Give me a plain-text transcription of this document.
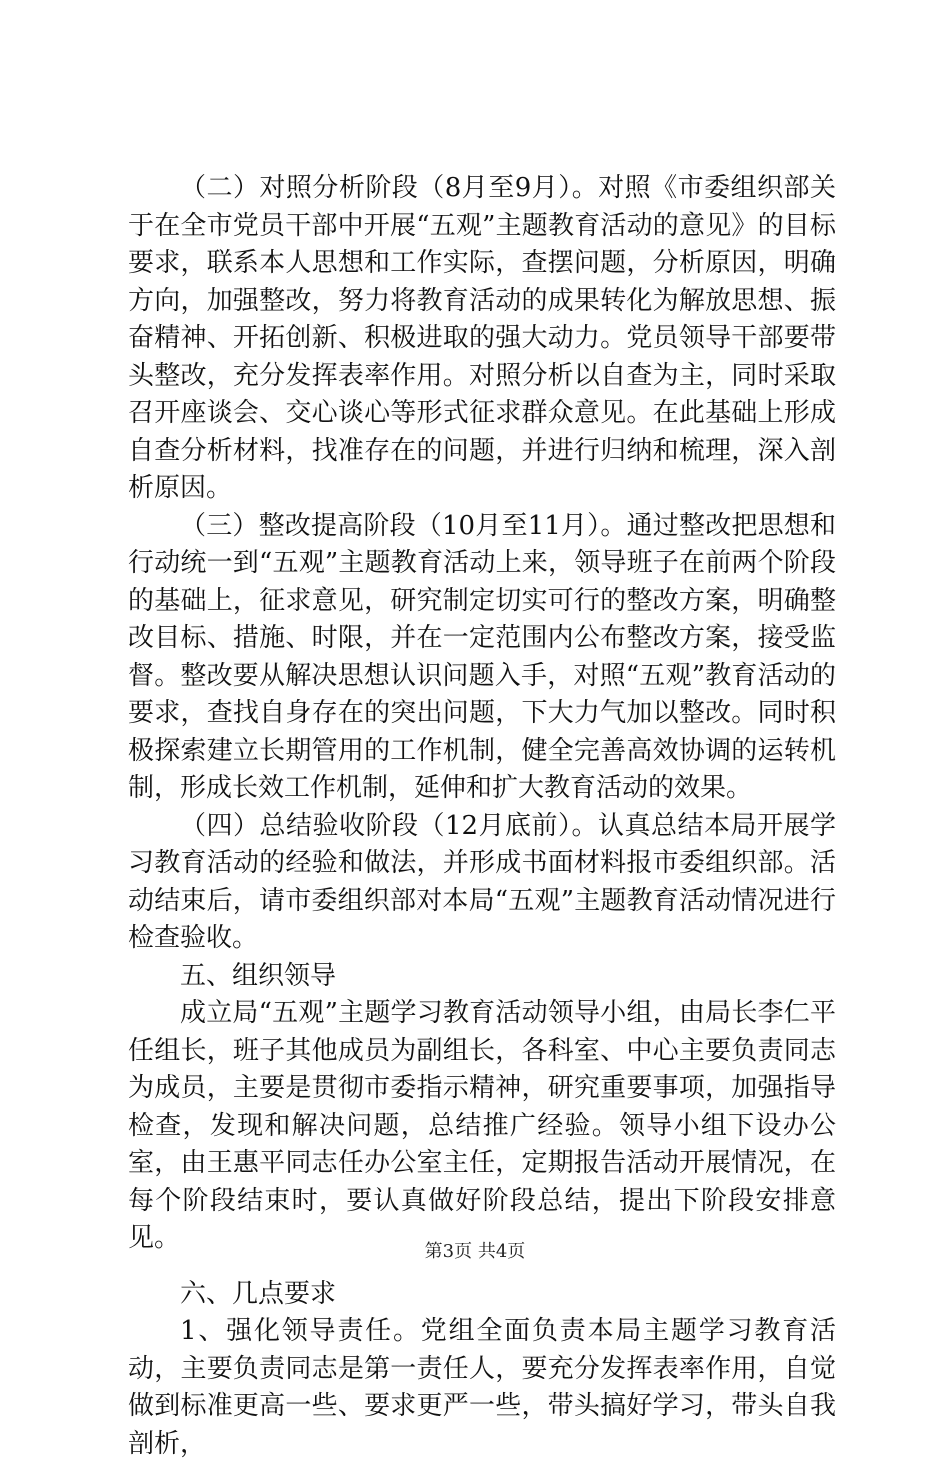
（二）对照分析阶段（8月至9月）。对照《市委组织部关于在全市党员干部中开展“五观”主题教育活动的意见》的目标要求，联系本人思想和工作实际，查摆问题，分析原因，明确方向，加强整改，努力将教育活动的成果转化为解放思想、振奋精神、开拓创新、积极进取的强大动力。党员领导干部要带头整改，充分发挥表率作用。对照分析以自查为主，同时采取召开座谈会、交心谈心等形式征求群众意见。在此基础上形成自查分析材料，找准存在的问题，并进行归纳和梳理，深入剖析原因。

（三）整改提高阶段（10月至11月）。通过整改把思想和行动统一到“五观”主题教育活动上来，领导班子在前两个阶段的基础上，征求意见，研究制定切实可行的整改方案，明确整改目标、措施、时限，并在一定范围内公布整改方案，接受监督。整改要从解决思想认识问题入手，对照“五观”教育活动的要求，查找自身存在的突出问题，下大力气加以整改。同时积极探索建立长期管用的工作机制，健全完善高效协调的运转机制，形成长效工作机制，延伸和扩大教育活动的效果。

（四）总结验收阶段（12月底前）。认真总结本局开展学习教育活动的经验和做法，并形成书面材料报市委组织部。活动结束后，请市委组织部对本局“五观”主题教育活动情况进行检查验收。

五、组织领导

成立局“五观”主题学习教育活动领导小组，由局长李仁平任组长，班子其他成员为副组长，各科室、中心主要负责同志为成员，主要是贯彻市委指示精神，研究重要事项，加强指导检查，发现和解决问题，总结推广经验。领导小组下设办公室，由王惠平同志任办公室主任，定期报告活动开展情况，在每个阶段结束时，要认真做好阶段总结，提出下阶段安排意见。

六、几点要求

1、强化领导责任。党组全面负责本局主题学习教育活动，主要负责同志是第一责任人，要充分发挥表率作用，自觉做到标准更高一些、要求更严一些，带头搞好学习，带头自我剖析，

第3页 共4页
